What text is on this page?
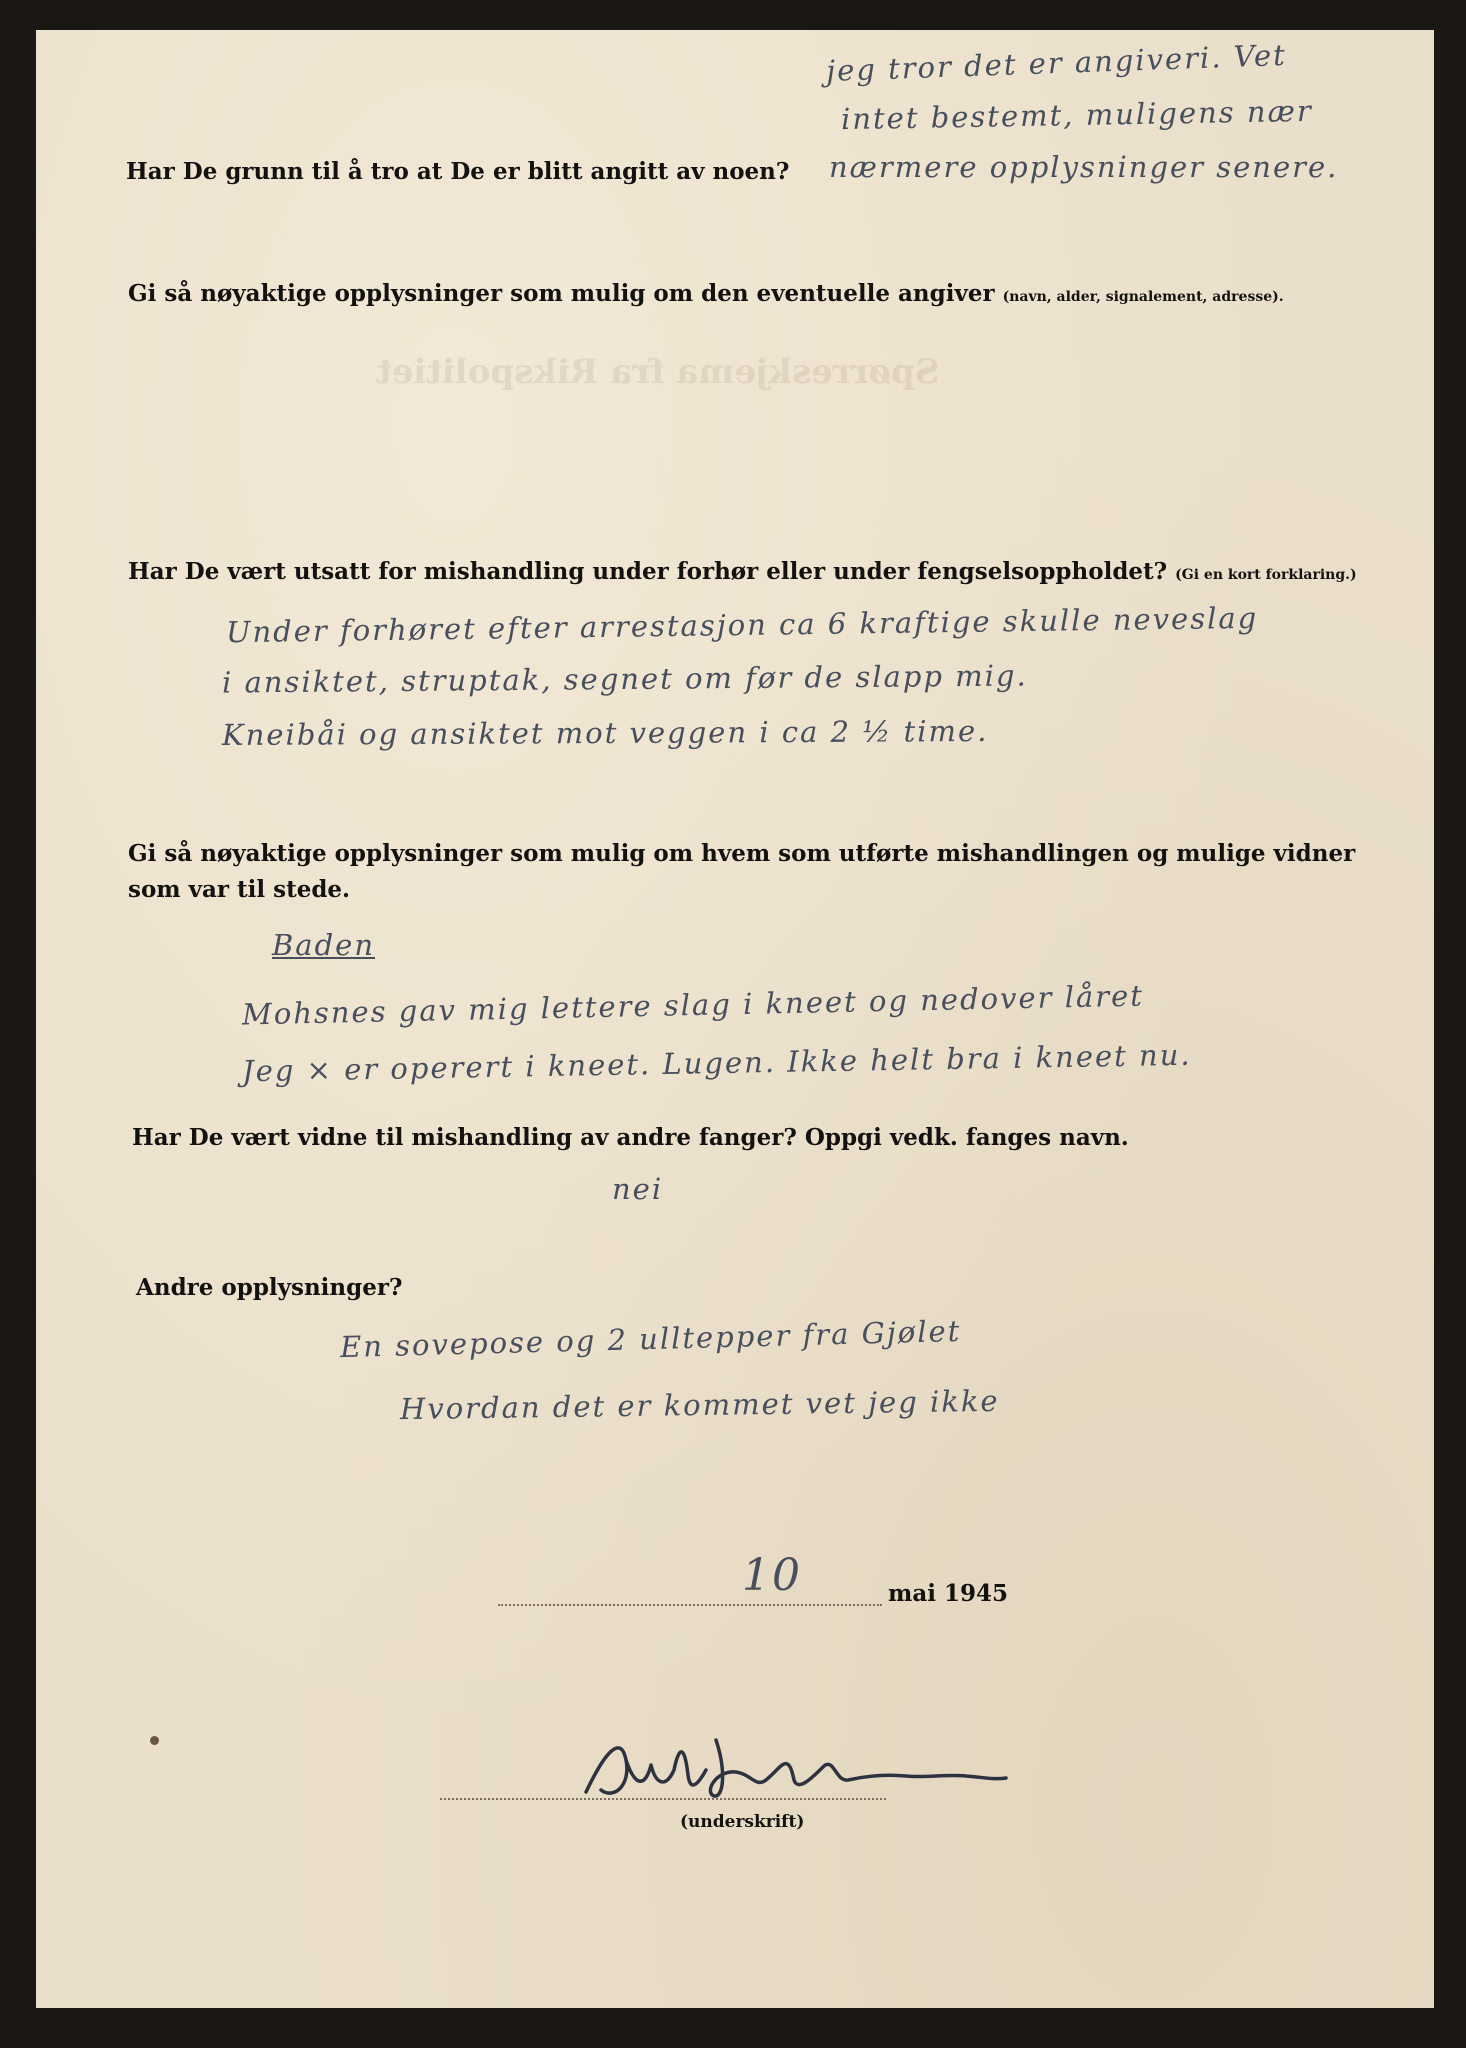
Spørreskjema fra Rikspolitiet
Har De grunn til å tro at De er blitt angitt av noen?
jeg tror det er angiveri. Vet
intet bestemt, muligens nær
nærmere opplysninger senere.
Gi så nøyaktige opplysninger som mulig om den eventuelle angiver (navn, alder, signalement, adresse).
Har De vært utsatt for mishandling under forhør eller under fengselsoppholdet? (Gi en kort forklaring.)
Under forhøret efter arrestasjon ca 6 kraftige skulle neveslag
i ansiktet, struptak, segnet om før de slapp mig.
Kneibåi og ansiktet mot veggen i ca 2 ½ time.
Gi så nøyaktige opplysninger som mulig om hvem som utførte mishandlingen og mulige vidner
som var til stede.
Baden
Mohsnes gav mig lettere slag i kneet og nedover låret
Jeg × er operert i kneet. Lugen. Ikke helt bra i kneet nu.
Har De vært vidne til mishandling av andre fanger? Oppgi vedk. fanges navn.
nei
Andre opplysninger?
En sovepose og 2 ulltepper fra Gjølet
Hvordan det er kommet vet jeg ikke
10	mai 1945
(underskrift)
